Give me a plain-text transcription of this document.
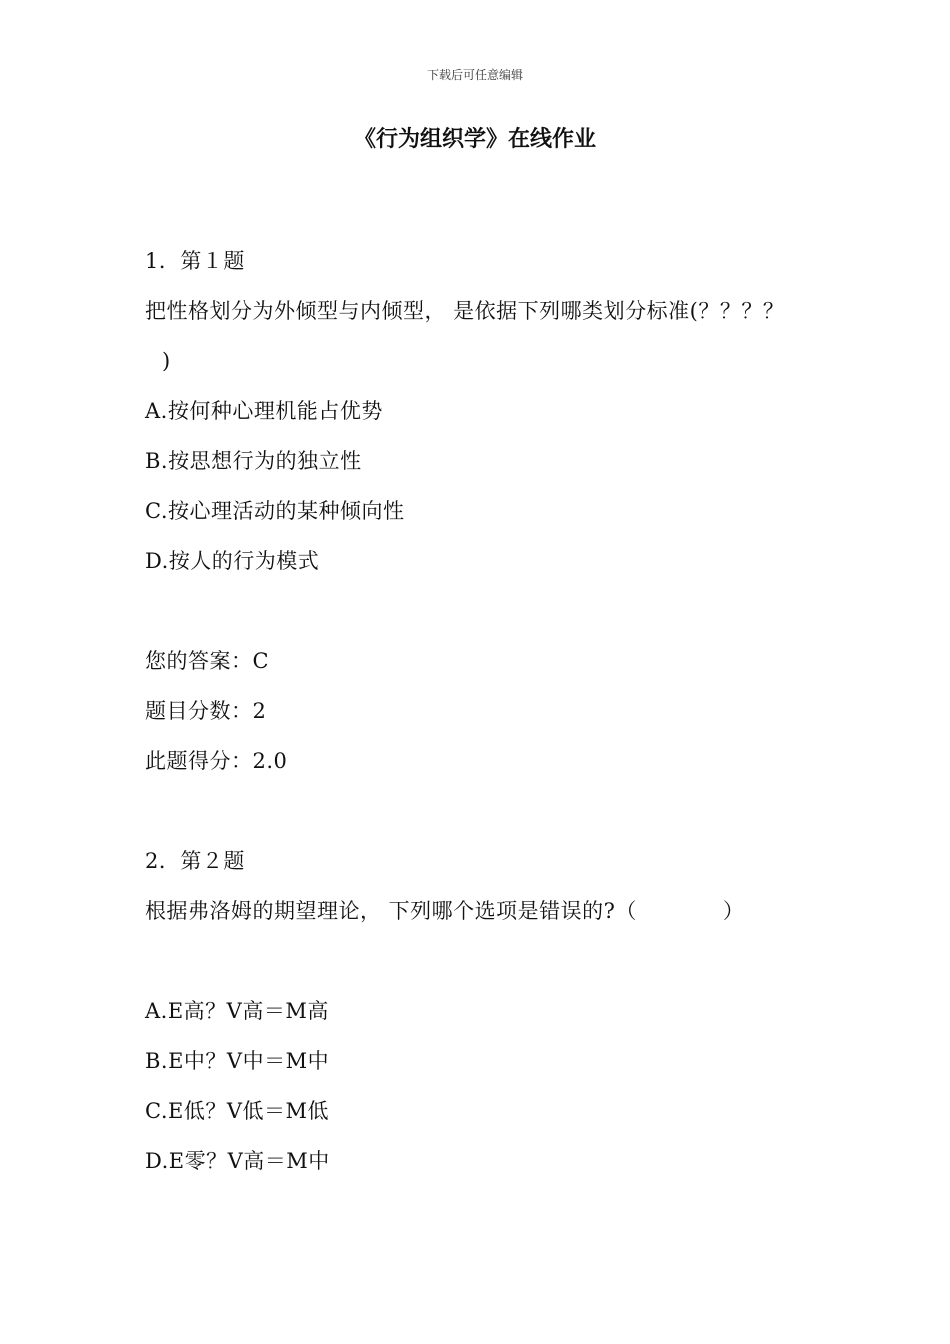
下载后可任意编辑
《行为组织学》在线作业
1．第１题
把性格划分为外倾型与内倾型， 是依据下列哪类划分标准(？？？？
)
A.按何种心理机能占优势
B.按思想行为的独立性
C.按心理活动的某种倾向性
D.按人的行为模式
您的答案：C
题目分数：2
此题得分：2.0
2．第２题
根据弗洛姆的期望理论， 下列哪个选项是错误的?（　　　　）
A.E高？V高＝M高
B.E中？V中＝M中
C.E低？V低＝M低
D.E零？V高＝M中
